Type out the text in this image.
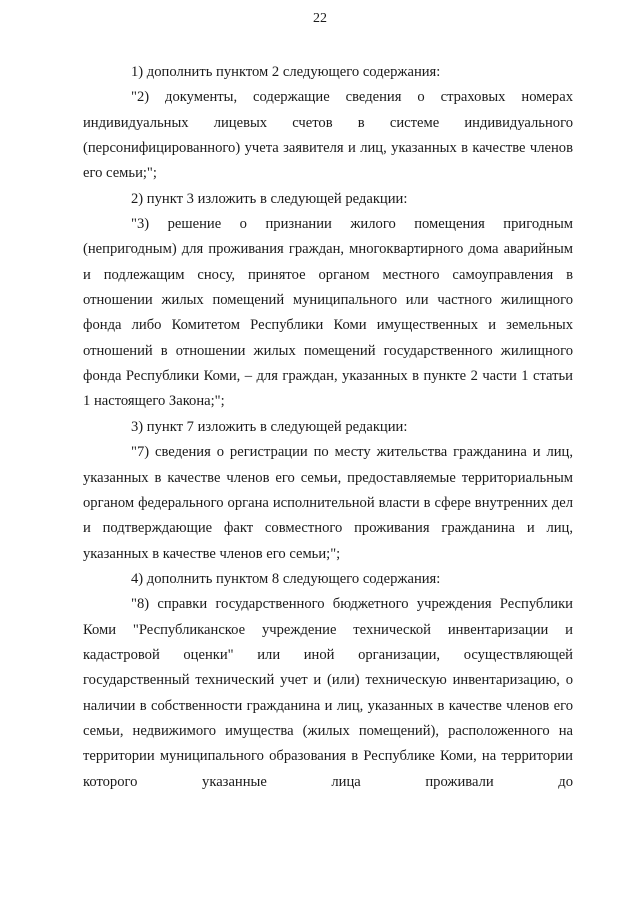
22

1) дополнить пунктом 2 следующего содержания:

"2) документы, содержащие сведения о страховых номерах индивидуальных лицевых счетов в системе индивидуального (персонифицированного) учета заявителя и лиц, указанных в качестве членов его семьи;";

2) пункт 3 изложить в следующей редакции:

"3) решение о признании жилого помещения пригодным (непригодным) для проживания граждан, многоквартирного дома аварийным и подлежащим сносу, принятое органом местного самоуправления в отношении жилых помещений муниципального или частного жилищного фонда либо Комитетом Республики Коми имущественных и земельных отношений в отношении жилых помещений государственного жилищного фонда Республики Коми, – для граждан, указанных в пункте 2 части 1 статьи 1 настоящего Закона;";

3) пункт 7 изложить в следующей редакции:

"7) сведения о регистрации по месту жительства гражданина и лиц, указанных в качестве членов его семьи, предоставляемые территориальным органом федерального органа исполнительной власти в сфере внутренних дел и подтверждающие факт совместного проживания гражданина и лиц, указанных в качестве членов его семьи;";

4) дополнить пунктом 8 следующего содержания:

"8) справки государственного бюджетного учреждения Республики Коми "Республиканское учреждение технической инвентаризации и кадастровой оценки" или иной организации, осуществляющей государственный технический учет и (или) техническую инвентаризацию, о наличии в собственности гражданина и лиц, указанных в качестве членов его семьи, недвижимого имущества (жилых помещений), расположенного на территории муниципального образования в Республике Коми, на территории которого указанные лица проживали до
